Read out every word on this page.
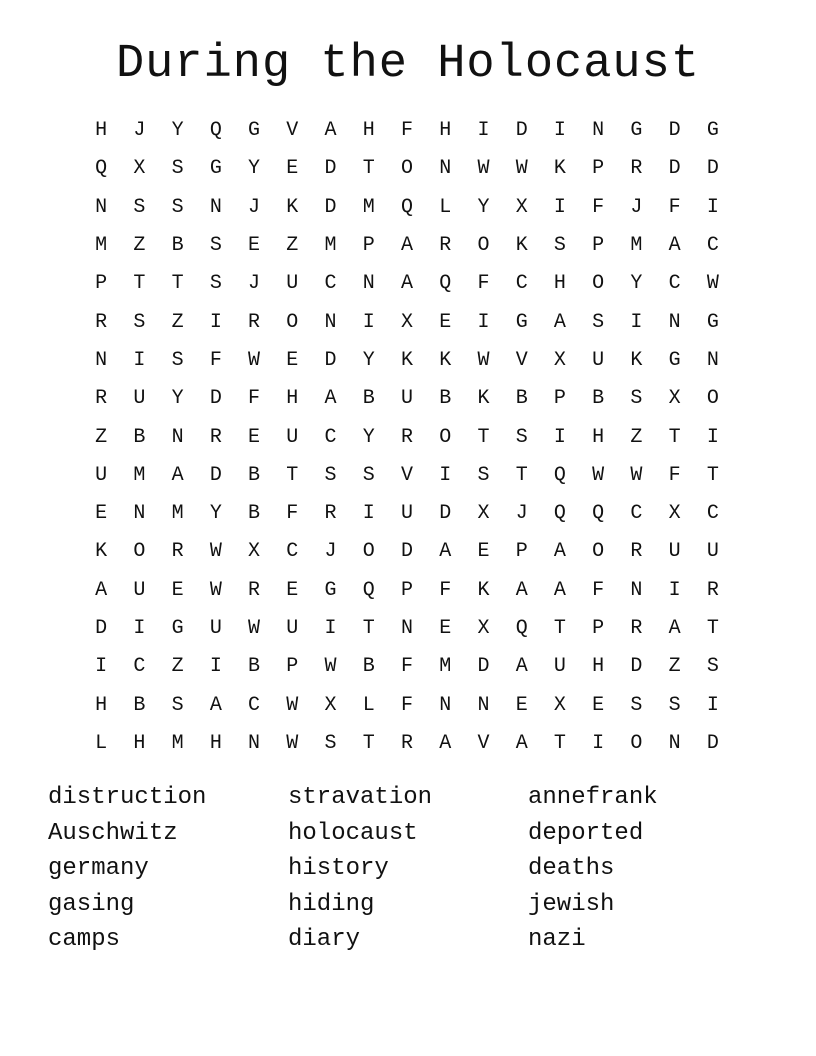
During the Holocaust
H	J	Y	Q	G	V	A	H	F	H	I	D	I	N	G	D	G
Q	X	S	G	Y	E	D	T	O	N	W	W	K	P	R	D	D
N	S	S	N	J	K	D	M	Q	L	Y	X	I	F	J	F	I
M	Z	B	S	E	Z	M	P	A	R	O	K	S	P	M	A	C
P	T	T	S	J	U	C	N	A	Q	F	C	H	O	Y	C	W
R	S	Z	I	R	O	N	I	X	E	I	G	A	S	I	N	G
N	I	S	F	W	E	D	Y	K	K	W	V	X	U	K	G	N
R	U	Y	D	F	H	A	B	U	B	K	B	P	B	S	X	O
Z	B	N	R	E	U	C	Y	R	O	T	S	I	H	Z	T	I
U	M	A	D	B	T	S	S	V	I	S	T	Q	W	W	F	T
E	N	M	Y	B	F	R	I	U	D	X	J	Q	Q	C	X	C
K	O	R	W	X	C	J	O	D	A	E	P	A	O	R	U	U
A	U	E	W	R	E	G	Q	P	F	K	A	A	F	N	I	R
D	I	G	U	W	U	I	T	N	E	X	Q	T	P	R	A	T
I	C	Z	I	B	P	W	B	F	M	D	A	U	H	D	Z	S
H	B	S	A	C	W	X	L	F	N	N	E	X	E	S	S	I
L	H	M	H	N	W	S	T	R	A	V	A	T	I	O	N	D
distruction
Auschwitz
germany
gasing
camps
stravation
holocaust
history
hiding
diary
annefrank
deported
deaths
jewish
nazi
